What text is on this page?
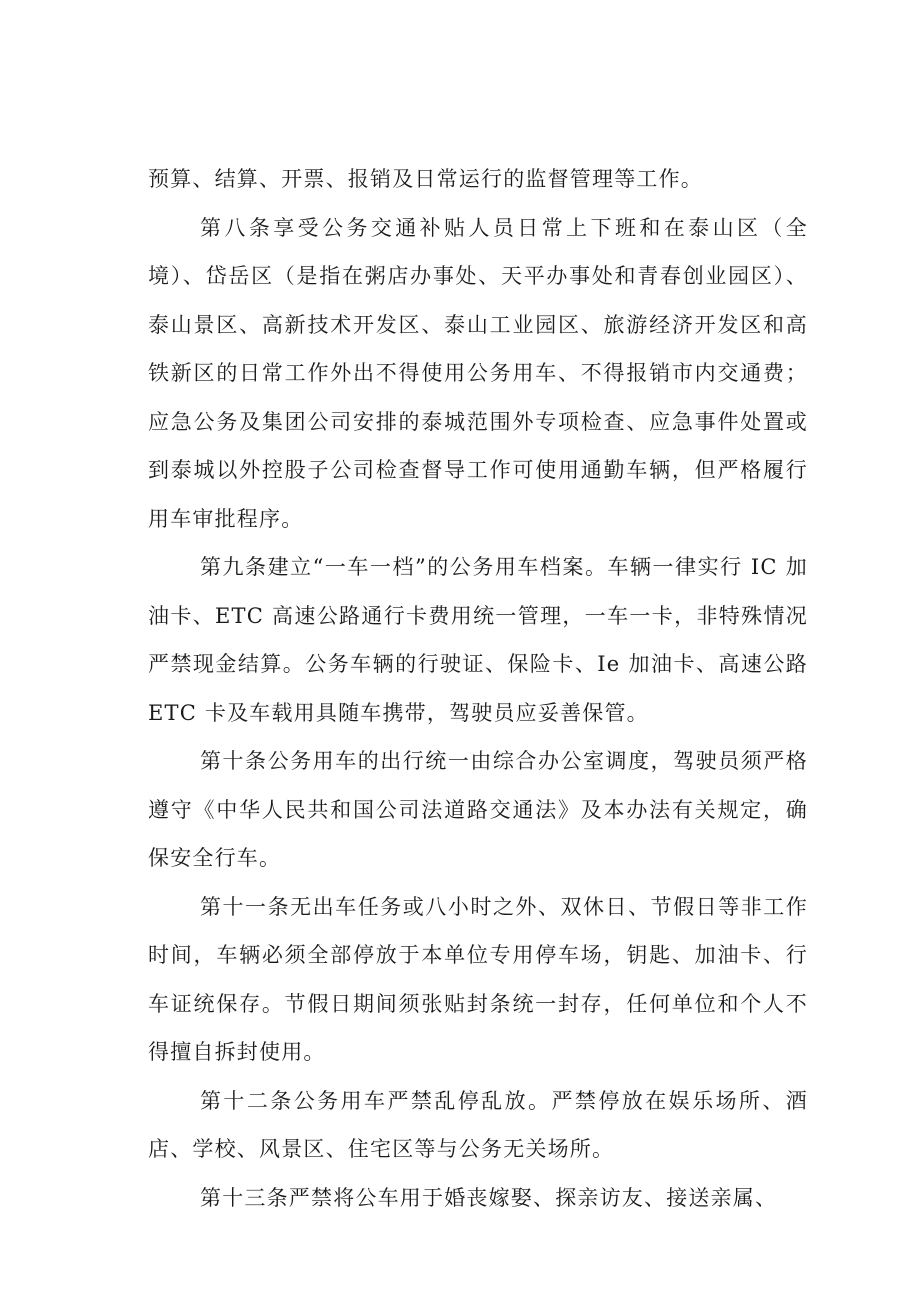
预算、结算、开票、报销及日常运行的监督管理等工作。

第八条享受公务交通补贴人员日常上下班和在泰山区（全境）、岱岳区（是指在粥店办事处、天平办事处和青春创业园区）、泰山景区、高新技术开发区、泰山工业园区、旅游经济开发区和高铁新区的日常工作外出不得使用公务用车、不得报销市内交通费；应急公务及集团公司安排的泰城范围外专项检查、应急事件处置或到泰城以外控股子公司检查督导工作可使用通勤车辆，但严格履行用车审批程序。

第九条建立“一车一档”的公务用车档案。车辆一律实行 IC 加油卡、ETC 高速公路通行卡费用统一管理，一车一卡，非特殊情况严禁现金结算。公务车辆的行驶证、保险卡、Ie 加油卡、高速公路 ETC 卡及车载用具随车携带，驾驶员应妥善保管。

第十条公务用车的出行统一由综合办公室调度，驾驶员须严格遵守《中华人民共和国公司法道路交通法》及本办法有关规定，确保安全行车。

第十一条无出车任务或八小时之外、双休日、节假日等非工作时间，车辆必须全部停放于本单位专用停车场，钥匙、加油卡、行车证统保存。节假日期间须张贴封条统一封存，任何单位和个人不得擅自拆封使用。

第十二条公务用车严禁乱停乱放。严禁停放在娱乐场所、酒店、学校、风景区、住宅区等与公务无关场所。

第十三条严禁将公车用于婚丧嫁娶、探亲访友、接送亲属、
